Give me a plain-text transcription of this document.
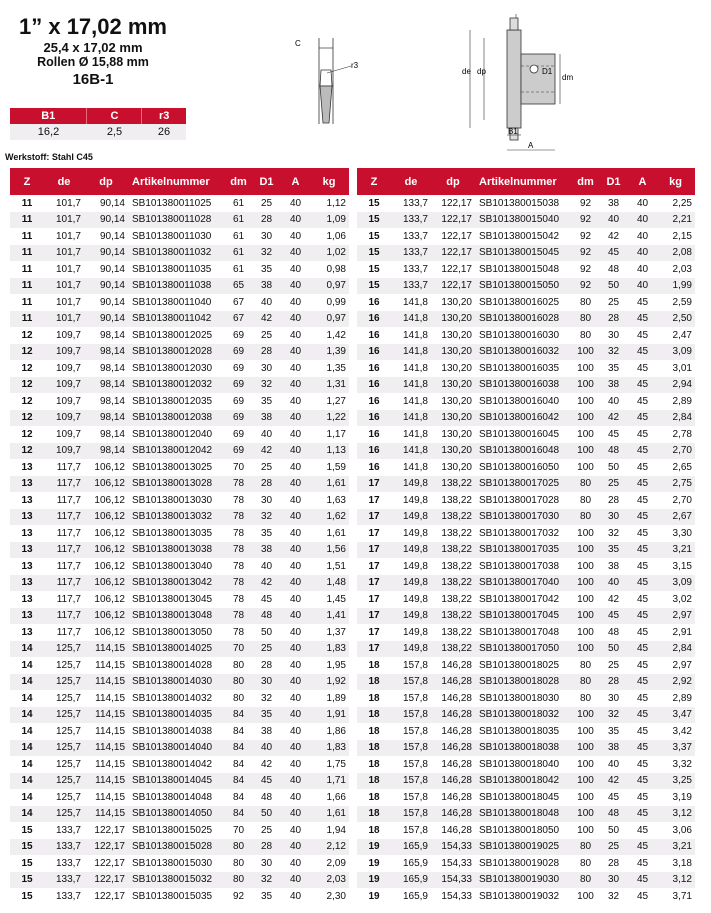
1” x 17,02 mm
25,4 x 17,02 mm
Rollen Ø 15,88 mm
16B-1
B1	C	r3
16,2	2,5	26
Werkstoff: Stahl C45
C
r3
de dp
dm
D1
B1
A
Z	de	dp	Artikelnummer	dm	D1	A	kg
11	101,7	90,14	SB101380011025	61	25	40	1,12
11	101,7	90,14	SB101380011028	61	28	40	1,09
11	101,7	90,14	SB101380011030	61	30	40	1,06
11	101,7	90,14	SB101380011032	61	32	40	1,02
11	101,7	90,14	SB101380011035	61	35	40	0,98
11	101,7	90,14	SB101380011038	65	38	40	0,97
11	101,7	90,14	SB101380011040	67	40	40	0,99
11	101,7	90,14	SB101380011042	67	42	40	0,97
12	109,7	98,14	SB101380012025	69	25	40	1,42
12	109,7	98,14	SB101380012028	69	28	40	1,39
12	109,7	98,14	SB101380012030	69	30	40	1,35
12	109,7	98,14	SB101380012032	69	32	40	1,31
12	109,7	98,14	SB101380012035	69	35	40	1,27
12	109,7	98,14	SB101380012038	69	38	40	1,22
12	109,7	98,14	SB101380012040	69	40	40	1,17
12	109,7	98,14	SB101380012042	69	42	40	1,13
13	117,7	106,12	SB101380013025	70	25	40	1,59
13	117,7	106,12	SB101380013028	78	28	40	1,61
13	117,7	106,12	SB101380013030	78	30	40	1,63
13	117,7	106,12	SB101380013032	78	32	40	1,62
13	117,7	106,12	SB101380013035	78	35	40	1,61
13	117,7	106,12	SB101380013038	78	38	40	1,56
13	117,7	106,12	SB101380013040	78	40	40	1,51
13	117,7	106,12	SB101380013042	78	42	40	1,48
13	117,7	106,12	SB101380013045	78	45	40	1,45
13	117,7	106,12	SB101380013048	78	48	40	1,41
13	117,7	106,12	SB101380013050	78	50	40	1,37
14	125,7	114,15	SB101380014025	70	25	40	1,83
14	125,7	114,15	SB101380014028	80	28	40	1,95
14	125,7	114,15	SB101380014030	80	30	40	1,92
14	125,7	114,15	SB101380014032	80	32	40	1,89
14	125,7	114,15	SB101380014035	84	35	40	1,91
14	125,7	114,15	SB101380014038	84	38	40	1,86
14	125,7	114,15	SB101380014040	84	40	40	1,83
14	125,7	114,15	SB101380014042	84	42	40	1,75
14	125,7	114,15	SB101380014045	84	45	40	1,71
14	125,7	114,15	SB101380014048	84	48	40	1,66
14	125,7	114,15	SB101380014050	84	50	40	1,61
15	133,7	122,17	SB101380015025	70	25	40	1,94
15	133,7	122,17	SB101380015028	80	28	40	2,12
15	133,7	122,17	SB101380015030	80	30	40	2,09
15	133,7	122,17	SB101380015032	80	32	40	2,03
15	133,7	122,17	SB101380015035	92	35	40	2,30
Z	de	dp	Artikelnummer	dm	D1	A	kg
15	133,7	122,17	SB101380015038	92	38	40	2,25
15	133,7	122,17	SB101380015040	92	40	40	2,21
15	133,7	122,17	SB101380015042	92	42	40	2,15
15	133,7	122,17	SB101380015045	92	45	40	2,08
15	133,7	122,17	SB101380015048	92	48	40	2,03
15	133,7	122,17	SB101380015050	92	50	40	1,99
16	141,8	130,20	SB101380016025	80	25	45	2,59
16	141,8	130,20	SB101380016028	80	28	45	2,50
16	141,8	130,20	SB101380016030	80	30	45	2,47
16	141,8	130,20	SB101380016032	100	32	45	3,09
16	141,8	130,20	SB101380016035	100	35	45	3,01
16	141,8	130,20	SB101380016038	100	38	45	2,94
16	141,8	130,20	SB101380016040	100	40	45	2,89
16	141,8	130,20	SB101380016042	100	42	45	2,84
16	141,8	130,20	SB101380016045	100	45	45	2,78
16	141,8	130,20	SB101380016048	100	48	45	2,70
16	141,8	130,20	SB101380016050	100	50	45	2,65
17	149,8	138,22	SB101380017025	80	25	45	2,75
17	149,8	138,22	SB101380017028	80	28	45	2,70
17	149,8	138,22	SB101380017030	80	30	45	2,67
17	149,8	138,22	SB101380017032	100	32	45	3,30
17	149,8	138,22	SB101380017035	100	35	45	3,21
17	149,8	138,22	SB101380017038	100	38	45	3,15
17	149,8	138,22	SB101380017040	100	40	45	3,09
17	149,8	138,22	SB101380017042	100	42	45	3,02
17	149,8	138,22	SB101380017045	100	45	45	2,97
17	149,8	138,22	SB101380017048	100	48	45	2,91
17	149,8	138,22	SB101380017050	100	50	45	2,84
18	157,8	146,28	SB101380018025	80	25	45	2,97
18	157,8	146,28	SB101380018028	80	28	45	2,92
18	157,8	146,28	SB101380018030	80	30	45	2,89
18	157,8	146,28	SB101380018032	100	32	45	3,47
18	157,8	146,28	SB101380018035	100	35	45	3,42
18	157,8	146,28	SB101380018038	100	38	45	3,37
18	157,8	146,28	SB101380018040	100	40	45	3,32
18	157,8	146,28	SB101380018042	100	42	45	3,25
18	157,8	146,28	SB101380018045	100	45	45	3,19
18	157,8	146,28	SB101380018048	100	48	45	3,12
18	157,8	146,28	SB101380018050	100	50	45	3,06
19	165,9	154,33	SB101380019025	80	25	45	3,21
19	165,9	154,33	SB101380019028	80	28	45	3,18
19	165,9	154,33	SB101380019030	80	30	45	3,12
19	165,9	154,33	SB101380019032	100	32	45	3,71
